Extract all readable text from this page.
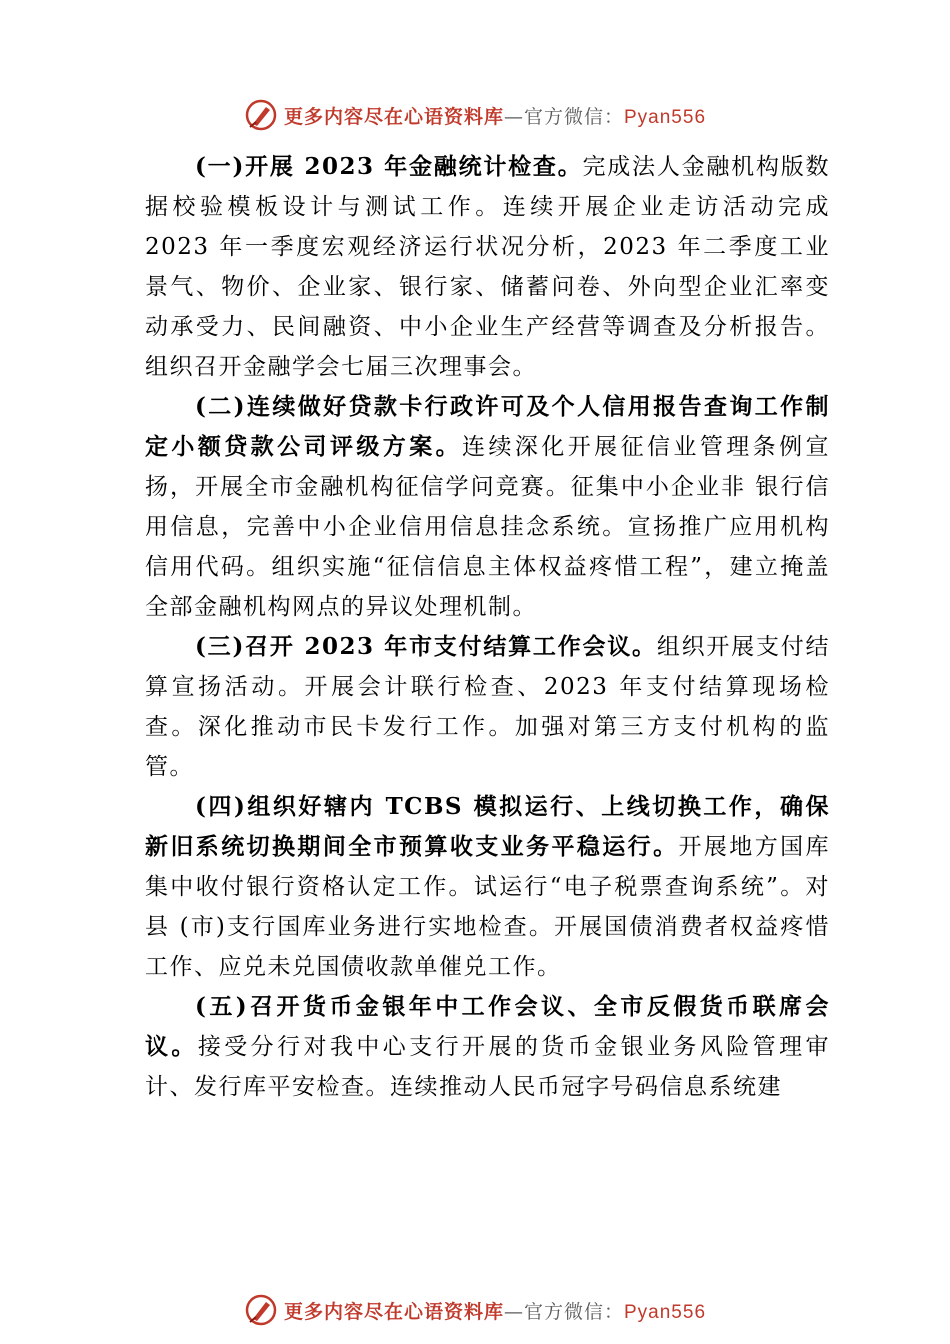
更多内容尽在心语资料库—官方微信：Pyan556

(一)开展 2023 年金融统计检查。完成法人金融机构版数据校验模板设计与测试工作。连续开展企业走访活动完成 2023 年一季度宏观经济运行状况分析，2023 年二季度工业景气、物价、企业家、银行家、储蓄问卷、外向型企业汇率变动承受力、民间融资、中小企业生产经营等调查及分析报告。组织召开金融学会七届三次理事会。

(二)连续做好贷款卡行政许可及个人信用报告查询工作制定小额贷款公司评级方案。连续深化开展征信业管理条例宣扬，开展全市金融机构征信学问竞赛。征集中小企业非 银行信用信息，完善中小企业信用信息挂念系统。宣扬推广应用机构信用代码。组织实施“征信信息主体权益疼惜工程”，建立掩盖全部金融机构网点的异议处理机制。

(三)召开 2023 年市支付结算工作会议。组织开展支付结算宣扬活动。开展会计联行检查、2023 年支付结算现场检查。深化推动市民卡发行工作。加强对第三方支付机构的监管。

(四)组织好辖内 TCBS 模拟运行、上线切换工作，确保新旧系统切换期间全市预算收支业务平稳运行。开展地方国库集中收付银行资格认定工作。试运行“电子税票查询系统”。对县 (市)支行国库业务进行实地检查。开展国债消费者权益疼惜工作、应兑未兑国债收款单催兑工作。

(五)召开货币金银年中工作会议、全市反假货币联席会议。接受分行对我中心支行开展的货币金银业务风险管理审计、发行库平安检查。连续推动人民币冠字号码信息系统建

更多内容尽在心语资料库—官方微信：Pyan556
